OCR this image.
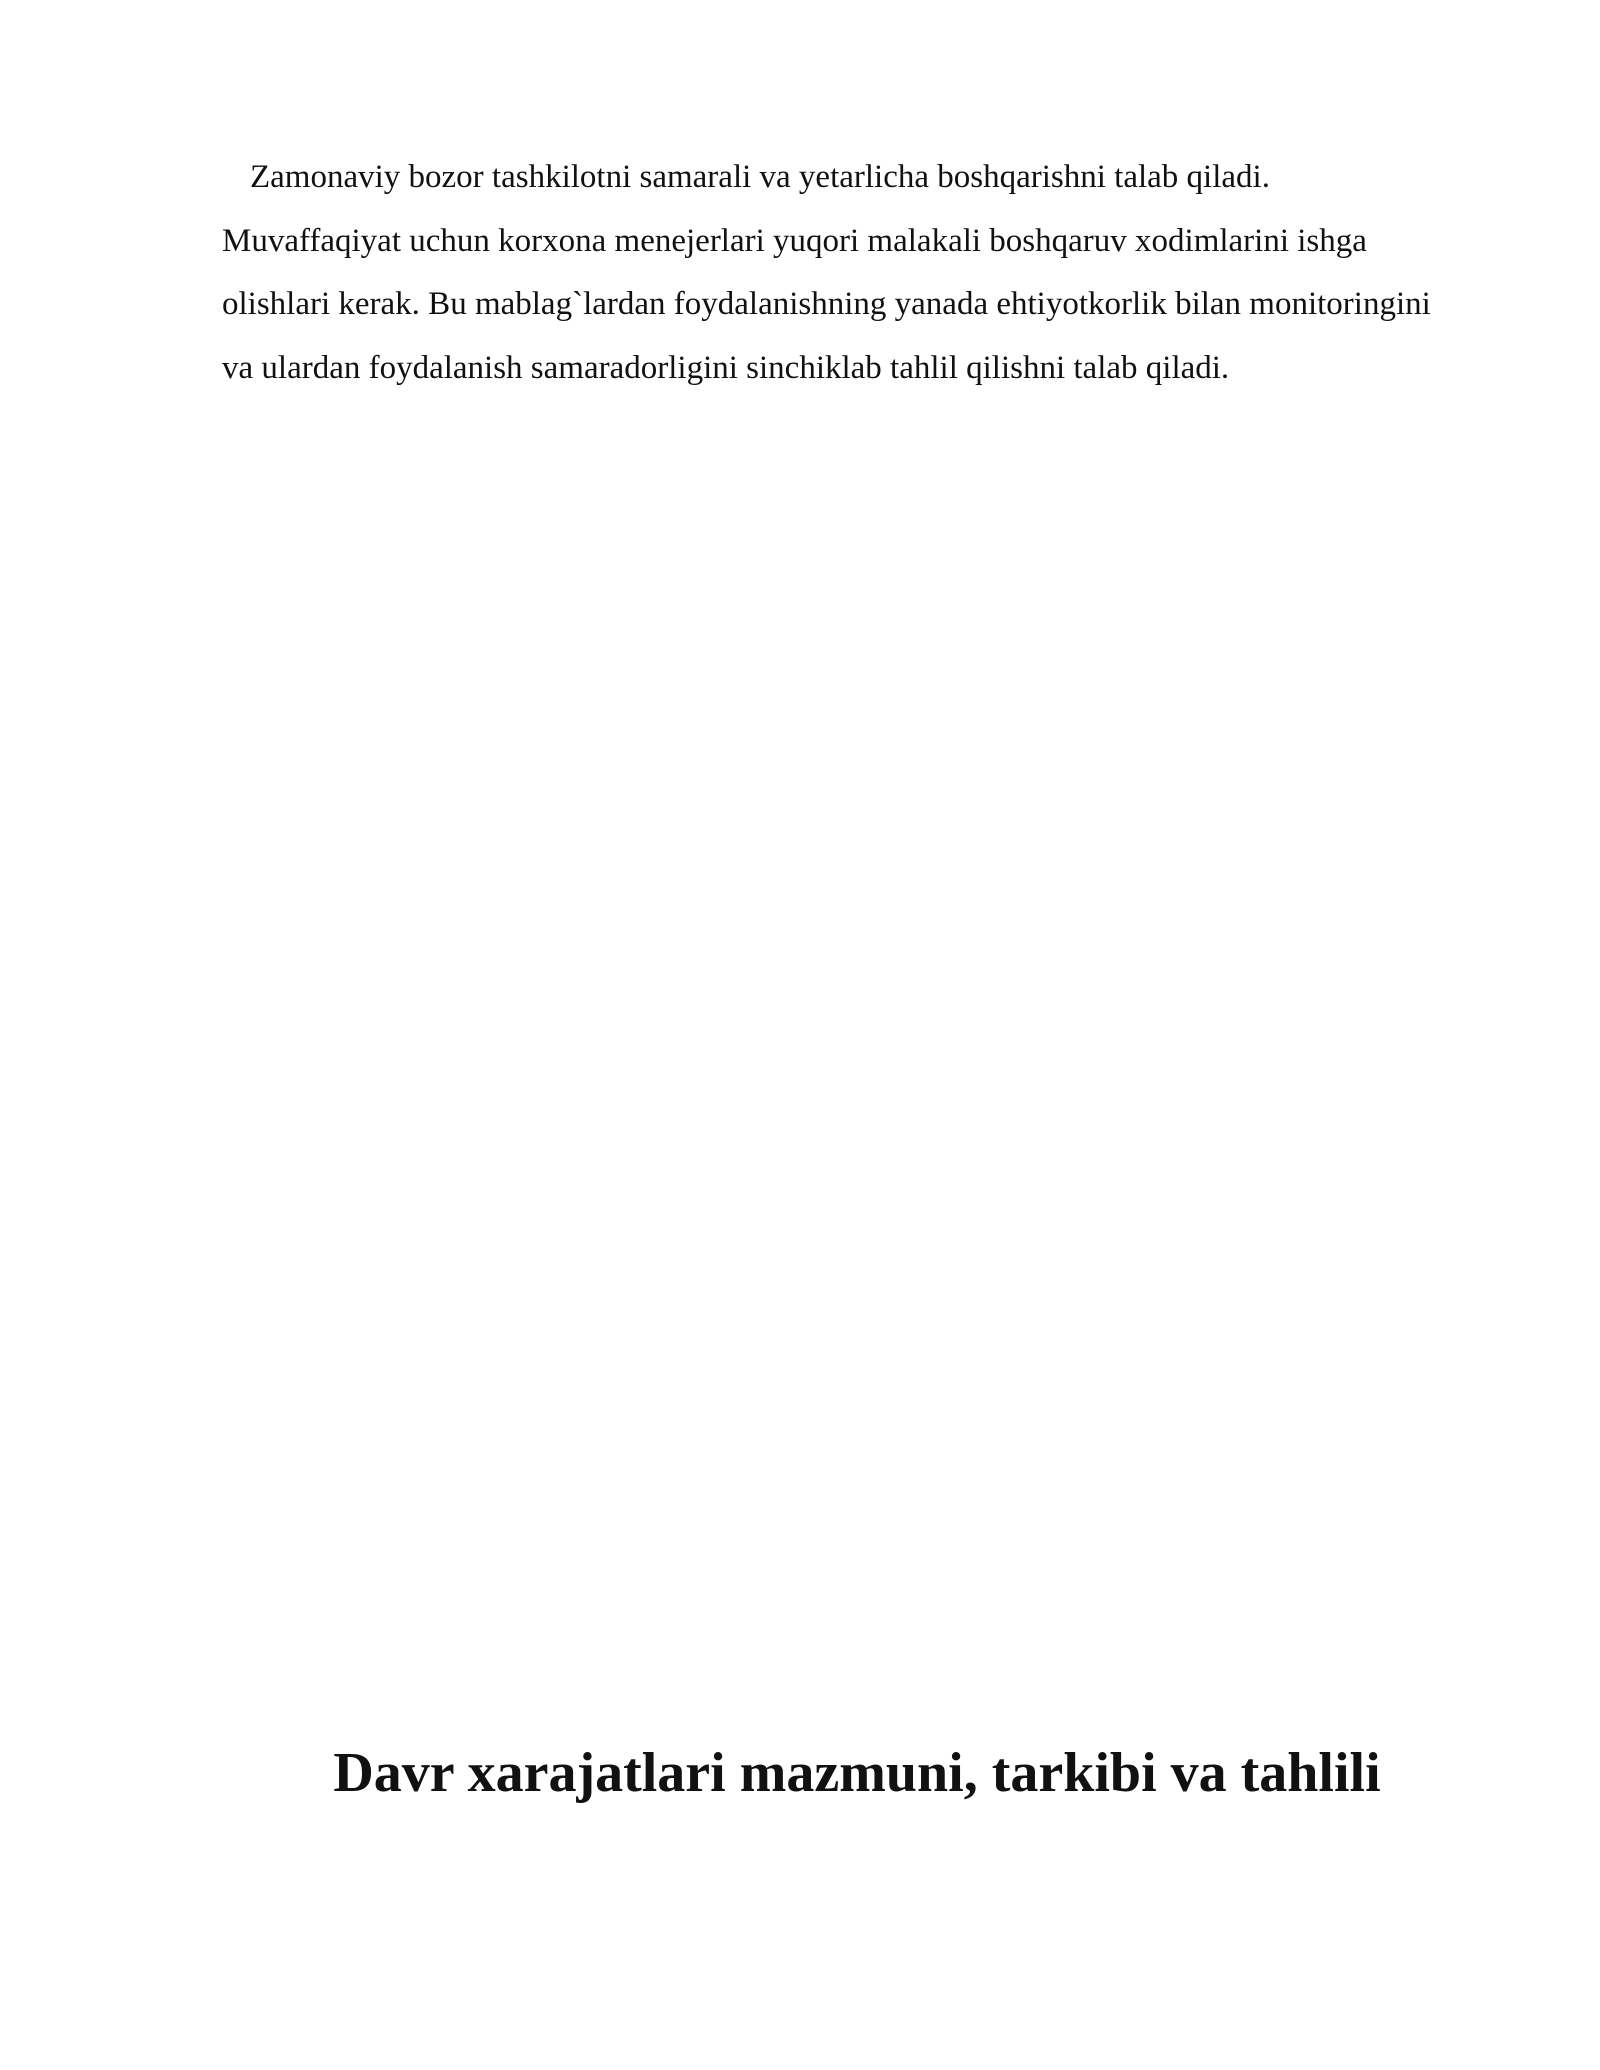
Zamonaviy bozor tashkilotni samarali va yetarlicha boshqarishni talab qiladi. Muvaffaqiyat uchun korxona menejerlari yuqori malakali boshqaruv xodimlarini ishga olishlari kerak. Bu mablag`lardan foydalanishning yanada ehtiyotkorlik bilan monitoringini va ulardan foydalanish samaradorligini sinchiklab tahlil qilishni talab qiladi.

Davr xarajatlari mazmuni, tarkibi va tahlili
